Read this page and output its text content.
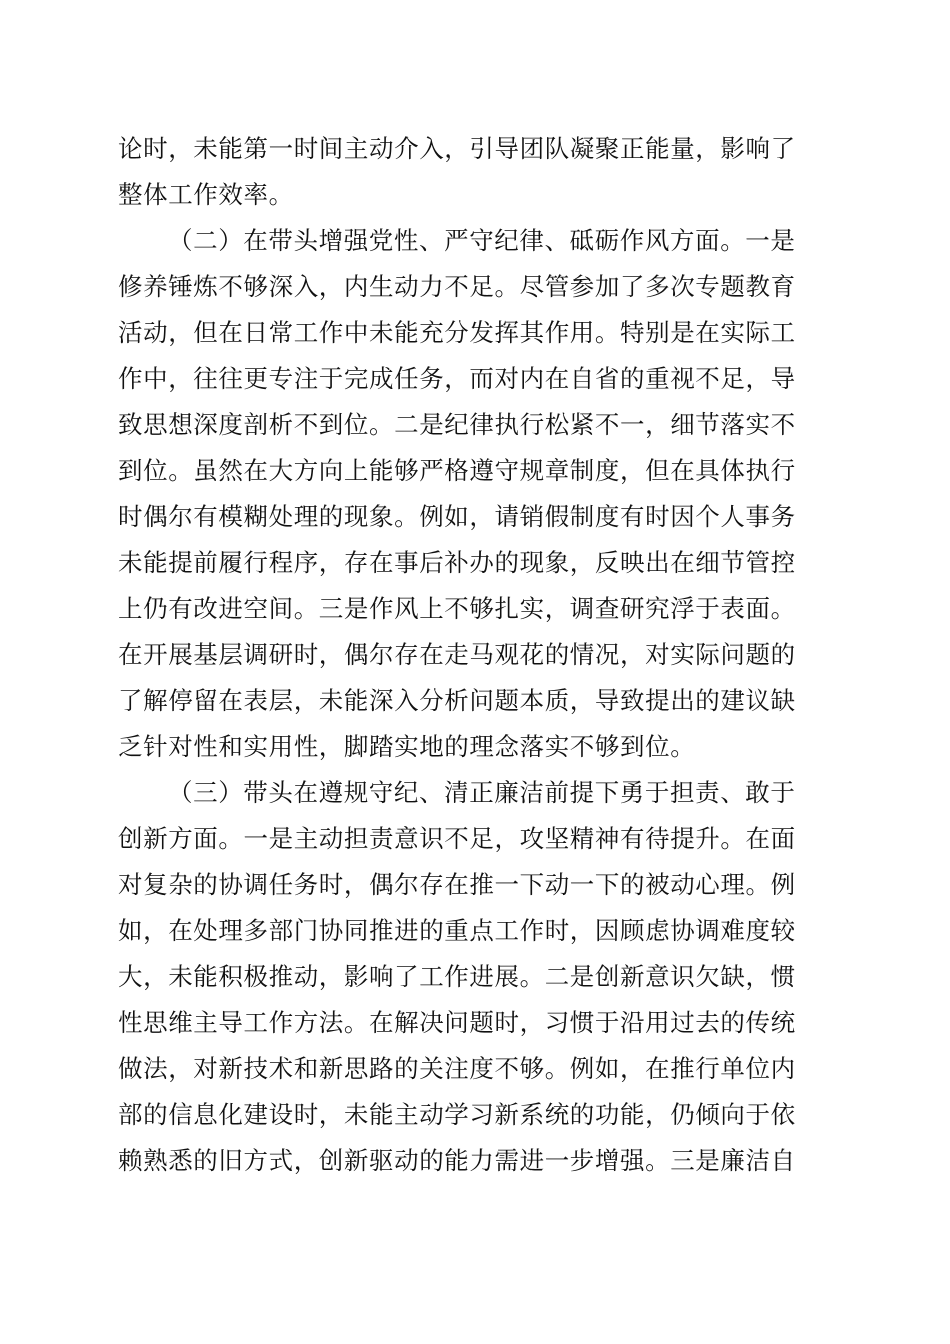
论时，未能第一时间主动介入，引导团队凝聚正能量，影响了
整体工作效率。
（二）在带头增强党性、严守纪律、砥砺作风方面。一是
修养锤炼不够深入，内生动力不足。尽管参加了多次专题教育
活动，但在日常工作中未能充分发挥其作用。特别是在实际工
作中，往往更专注于完成任务，而对内在自省的重视不足，导
致思想深度剖析不到位。二是纪律执行松紧不一，细节落实不
到位。虽然在大方向上能够严格遵守规章制度，但在具体执行
时偶尔有模糊处理的现象。例如，请销假制度有时因个人事务
未能提前履行程序，存在事后补办的现象，反映出在细节管控
上仍有改进空间。三是作风上不够扎实，调查研究浮于表面。
在开展基层调研时，偶尔存在走马观花的情况，对实际问题的
了解停留在表层，未能深入分析问题本质，导致提出的建议缺
乏针对性和实用性，脚踏实地的理念落实不够到位。
（三）带头在遵规守纪、清正廉洁前提下勇于担责、敢于
创新方面。一是主动担责意识不足，攻坚精神有待提升。在面
对复杂的协调任务时，偶尔存在推一下动一下的被动心理。例
如，在处理多部门协同推进的重点工作时，因顾虑协调难度较
大，未能积极推动，影响了工作进展。二是创新意识欠缺，惯
性思维主导工作方法。在解决问题时，习惯于沿用过去的传统
做法，对新技术和新思路的关注度不够。例如，在推行单位内
部的信息化建设时，未能主动学习新系统的功能，仍倾向于依
赖熟悉的旧方式，创新驱动的能力需进一步增强。三是廉洁自
